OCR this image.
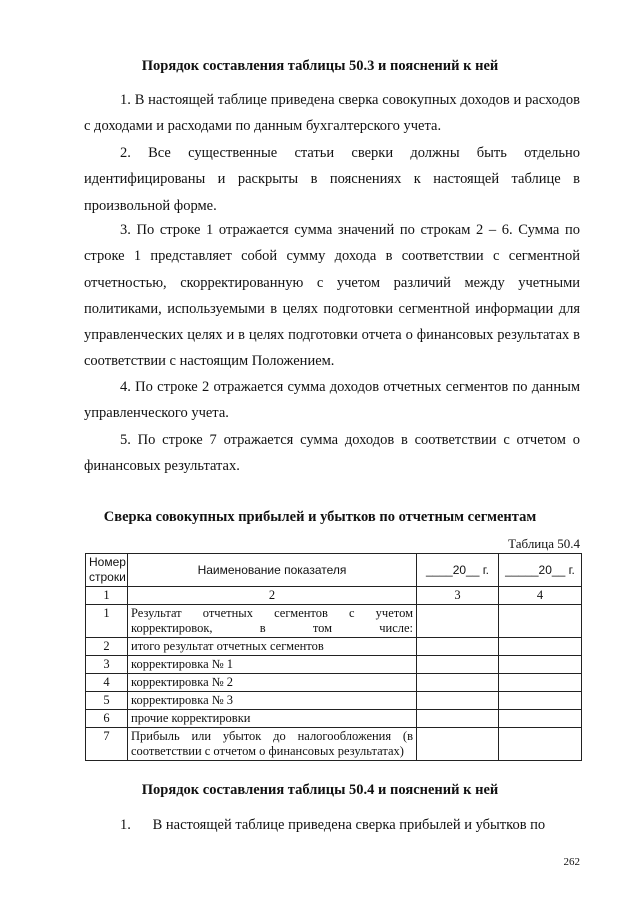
Порядок составления таблицы 50.3 и пояснений к ней
1. В настоящей таблице приведена сверка совокупных доходов и расходов с доходами и расходами по данным бухгалтерского учета.
2. Все существенные статьи сверки должны быть отдельно идентифицированы и раскрыты в пояснениях к настоящей таблице в произвольной форме.
3. По строке 1 отражается сумма значений по строкам 2 – 6. Сумма по строке 1 представляет собой сумму дохода в соответствии с сегментной отчетностью, скорректированную с учетом различий между учетными политиками, используемыми в целях подготовки сегментной информации для управленческих целях и в целях подготовки отчета о финансовых результатах в соответствии с настоящим Положением.
4. По строке 2 отражается сумма доходов отчетных сегментов по данным управленческого учета.
5. По строке 7 отражается сумма доходов в соответствии с отчетом о финансовых результатах.
Сверка совокупных прибылей и убытков по отчетным сегментам
Таблица 50.4
Номер строки	Наименование показателя	____20__ г.	_____20__ г.
1	2	3	4
1	Результат отчетных сегментов с учетом корректировок, в том числе:		
2	итого результат отчетных сегментов		
3	корректировка № 1		
4	корректировка № 2		
5	корректировка № 3		
6	прочие корректировки		
7	Прибыль или убыток до налогообложения (в соответствии с отчетом о финансовых результатах)		
Порядок составления таблицы 50.4 и пояснений к ней
1.      В настоящей таблице приведена сверка прибылей и убытков по
262
